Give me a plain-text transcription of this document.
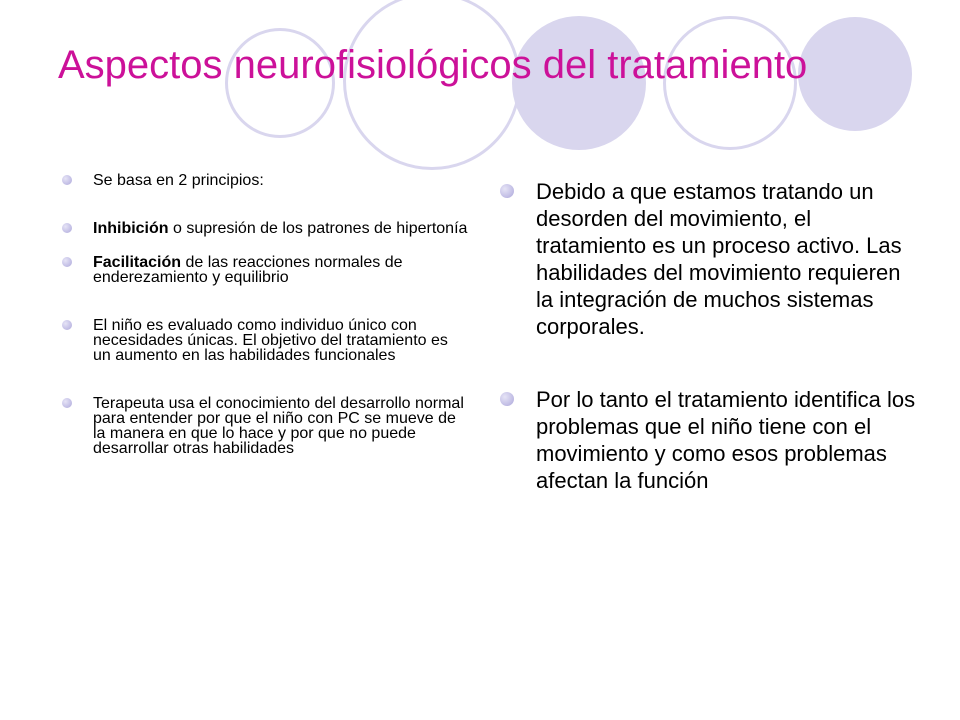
Aspectos neurofisiológicos del tratamiento
Se basa en 2 principios:
Inhibición o supresión de los patrones de hipertonía
Facilitación de las reacciones normales de enderezamiento y equilibrio
El niño es evaluado como individuo único con necesidades únicas. El objetivo del tratamiento es un aumento en las habilidades funcionales
Terapeuta usa el conocimiento del desarrollo normal para entender por que el niño con PC se mueve de la manera en que lo hace y por que no puede desarrollar otras habilidades
Debido a que estamos tratando un desorden del movimiento, el tratamiento es un proceso activo. Las habilidades del movimiento requieren la integración de muchos sistemas corporales.
Por lo tanto el tratamiento identifica los problemas que el niño tiene con el movimiento y como esos problemas afectan la función
